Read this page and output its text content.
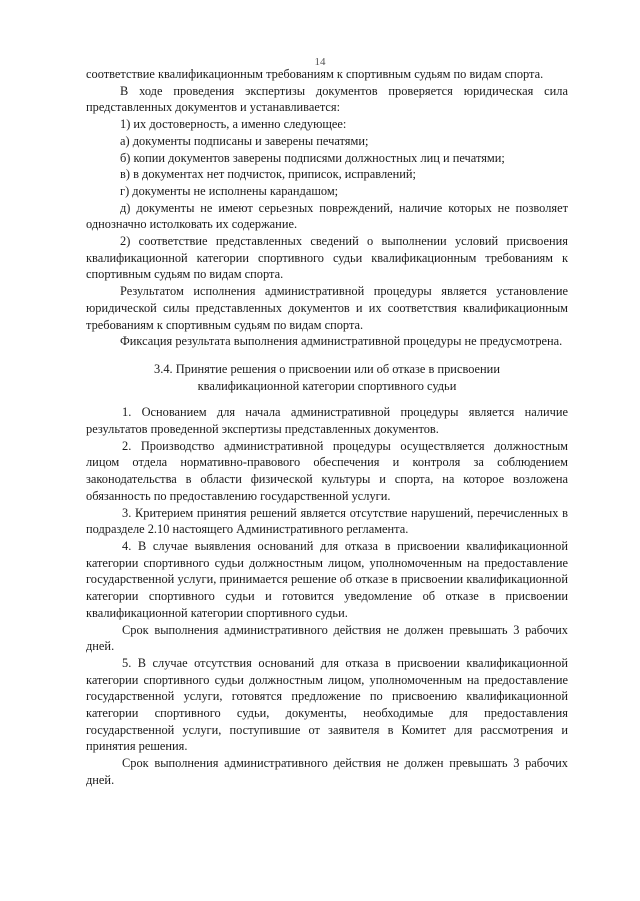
14

соответствие квалификационным требованиям к спортивным судьям по видам спорта.

В ходе проведения экспертизы документов проверяется юридическая сила представленных документов и устанавливается:

1) их достоверность, а именно следующее:

а) документы подписаны и заверены печатями;

б) копии документов заверены подписями должностных лиц и печатями;

в) в документах нет подчисток, приписок, исправлений;

г) документы не исполнены карандашом;

д) документы не имеют серьезных повреждений, наличие которых не позволяет однозначно истолковать их содержание.

2) соответствие представленных сведений о выполнении условий присвоения квалификационной категории спортивного судьи квалификационным требованиям к спортивным судьям по видам спорта.

Результатом исполнения административной процедуры является установление юридической силы представленных документов и их соответствия квалификационным требованиям к спортивным судьям по видам спорта.

Фиксация результата выполнения административной процедуры не предусмотрена.

3.4. Принятие решения о присвоении или об отказе в присвоении
квалификационной категории спортивного судьи

1. Основанием для начала административной процедуры является наличие результатов проведенной экспертизы представленных документов.

2. Производство административной процедуры осуществляется должностным лицом отдела нормативно-правового обеспечения и контроля за соблюдением законодательства в области физической культуры и спорта, на которое возложена обязанность по предоставлению государственной услуги.

3. Критерием принятия решений является отсутствие нарушений, перечисленных в подразделе 2.10 настоящего Административного регламента.

4. В случае выявления оснований для отказа в присвоении квалификационной категории спортивного судьи должностным лицом, уполномоченным на предоставление государственной услуги, принимается решение об отказе в присвоении квалификационной категории спортивного судьи и готовится уведомление об отказе в присвоении квалификационной категории спортивного судьи.

Срок выполнения административного действия не должен превышать 3 рабочих дней.

5. В случае отсутствия оснований для отказа в присвоении квалификационной категории спортивного судьи должностным лицом, уполномоченным на предоставление государственной услуги, готовятся предложение по присвоению квалификационной категории спортивного судьи, документы, необходимые для предоставления государственной услуги, поступившие от заявителя в Комитет для рассмотрения и принятия решения.

Срок выполнения административного действия не должен превышать 3 рабочих дней.
